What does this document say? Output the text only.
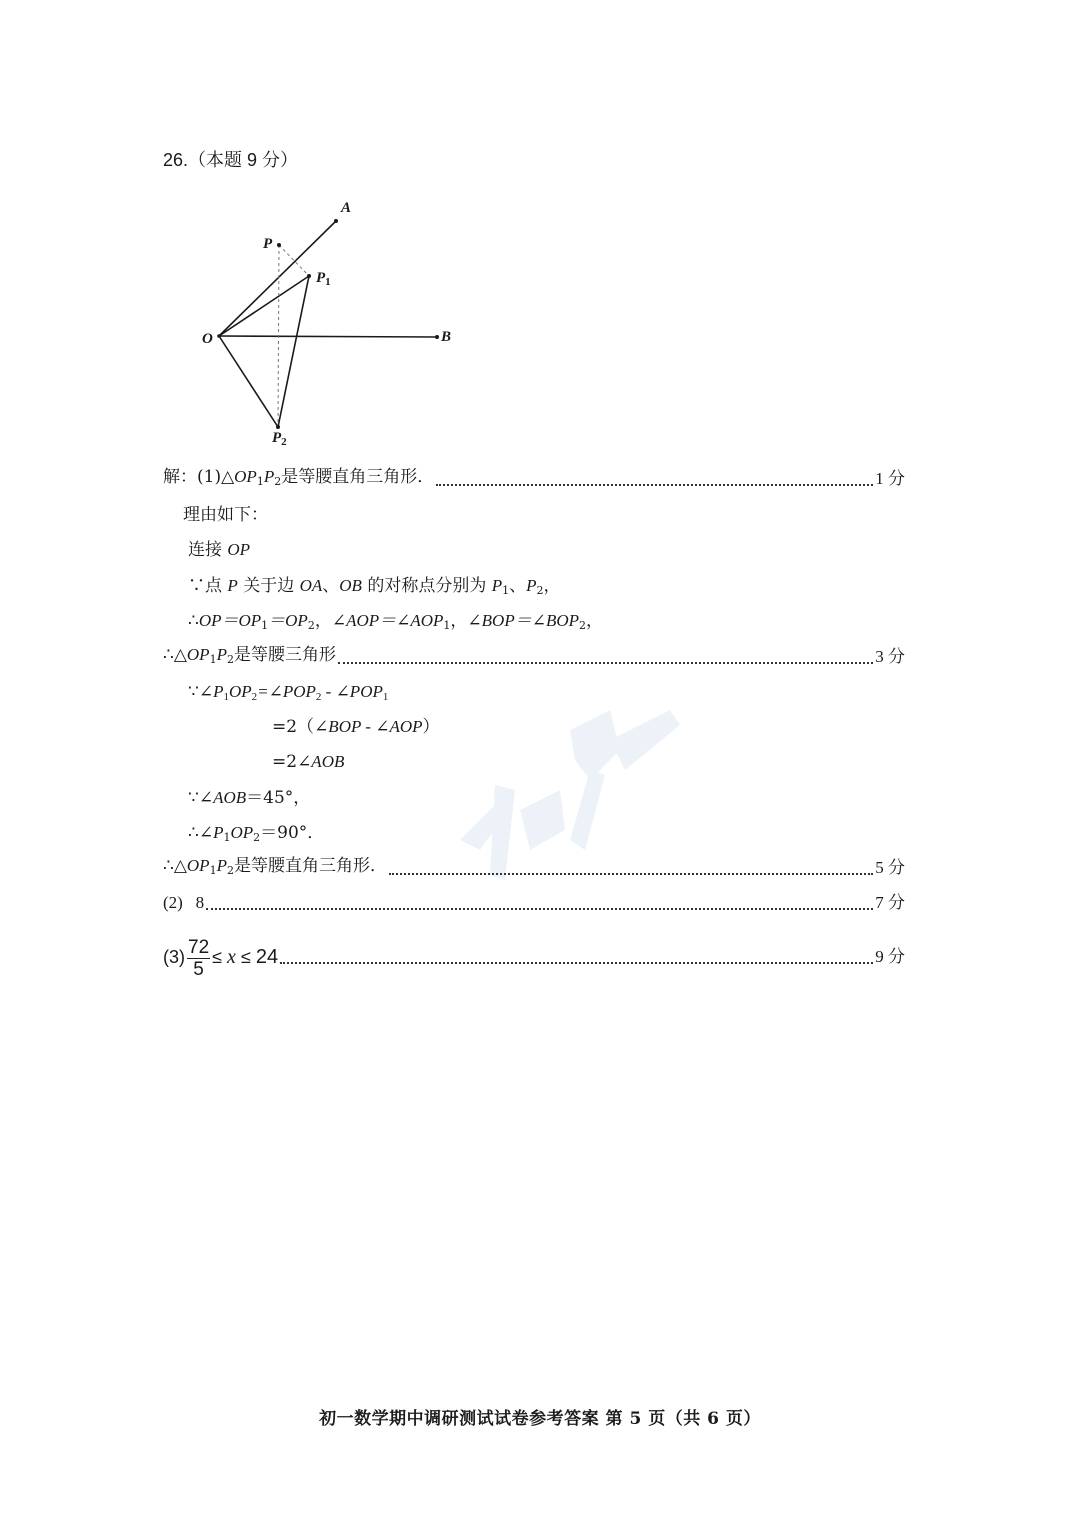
26.（本题 9 分）
A
P
$P_1$
O	B
$P_2$
解：$(1)\triangle OP_1P_2$是等腰直角三角形．	1 分
理由如下：
连接 OP
∵点 P 关于边 OA、OB 的对称点分别为 $P_1$、$P_2$，
$\therefore OP=OP_1=OP_2$，$\angle AOP=\angle AOP_1$，$\angle BOP=\angle BOP_2$，
$\therefore\triangle OP_1P_2$是等腰三角形	3 分
$\because\angle P_1OP_2=\angle POP_2$ - $\angle POP_1$
=2（∠BOP - ∠AOP）
=2∠AOB
∵∠AOB＝45°，
$\therefore\angle P_1OP_2=90^\circ$．
$\therefore\triangle OP_1P_2$是等腰直角三角形．	5 分
(2) 8	7 分
$(3) \frac{72}{5} \le x \le 24$	9 分
初一数学期中调研测试试卷参考答案 第 5 页（共 6 页）
